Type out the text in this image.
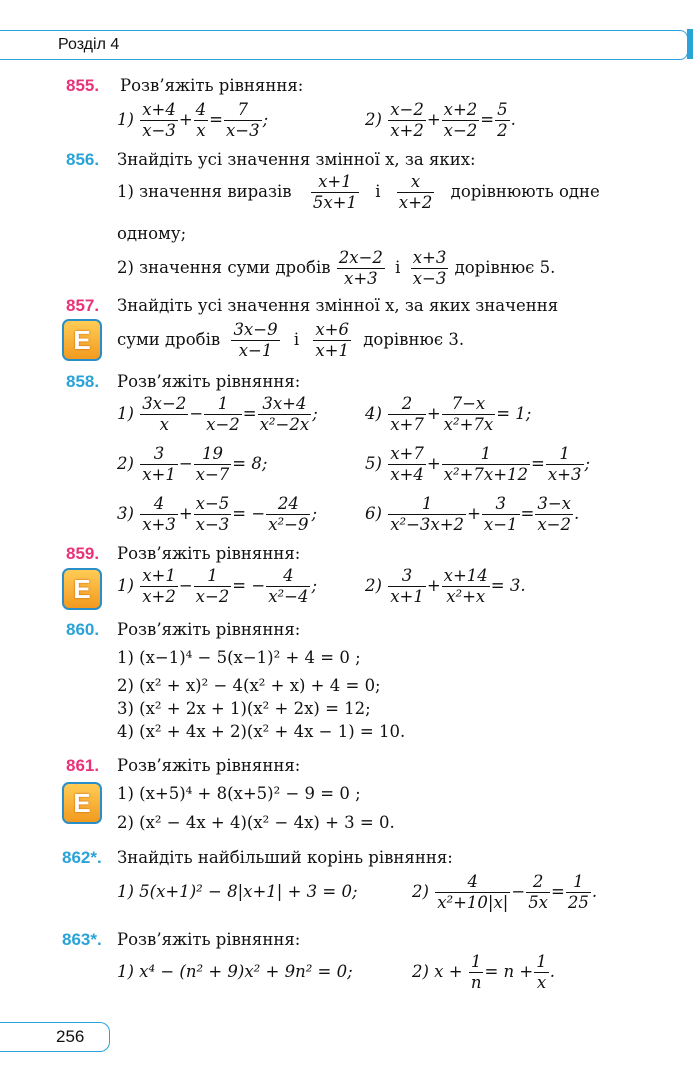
Розділ 4
855. Розв’яжіть рівняння:
$1) \frac{x+4}{x-3} + \frac{4}{x} = \frac{7}{x-3}$ ;	$2) \frac{x-2}{x+2} + \frac{x+2}{x-2} = \frac{5}{2}$ .
856. Знайдіть усі значення змінної x, за яких:
1) значення виразів $\frac{x+1}{5x+1}$ і $\frac{x}{x+2}$ дорівнюють одне
одному;
2) значення суми дробів $\frac{2x-2}{x+3}$ і $\frac{x+3}{x-3}$ дорівнює 5.
857. Знайдіть усі значення змінної x, за яких значення
Е	суми дробів $\frac{3x-9}{x-1}$ і $\frac{x+6}{x+1}$ дорівнює 3.
858. Розв’яжіть рівняння:
$1) \frac{3x-2}{x} - \frac{1}{x-2} = \frac{3x+4}{\text{x²−2x}}$ ;	$4) \frac{2}{x+7} + \frac{7-x}{\text{x²+7x}} = 1$;
$2) \frac{3}{x+1} - \frac{19}{x-7} = 8$;	$5) \frac{x+7}{x+4} + \frac{1}{\text{x²+7x+12}} = \frac{1}{x+3}$ ;
$3) \frac{4}{x+3} + \frac{x-5}{x-3}$ = − $\frac{24}{\text{x²−9}}$ ;	$6) \frac{1}{\text{x²−3x+2}} + \frac{3}{x-1} = \frac{3-x}{x-2}$ .
859. Розв’яжіть рівняння:
Е	$1) \frac{x+1}{x+2} - \frac{1}{x-2}$ = − $\frac{4}{\text{x²−4}}$ ;	$2) \frac{3}{x+1} + \frac{x+14}{\text{x²+x}} = 3$.
860. Розв’яжіть рівняння:
1) (x−1)⁴ − 5(x−1)² + 4 = 0 ;
2) (x² + x)² − 4(x² + x) + 4 = 0;
3) (x² + 2x + 1)(x² + 2x) = 12;
4) (x² + 4x + 2)(x² + 4x − 1) = 10.
861. Розв’яжіть рівняння:
Е	1) (x+5)⁴ + 8(x+5)² − 9 = 0 ;
2) (x² − 4x + 4)(x² − 4x) + 3 = 0.
862*. Знайдіть найбільший корінь рівняння:
1) 5(x+1)² − 8|x+1| + 3 = 0;	$2) \frac{4}{\text{x²+10|x|}} - \frac{2}{5x} = \frac{1}{25}$ .
863*. Розв’яжіть рівняння:
1) x⁴ − (n² + 9)x² + 9n² = 0;	2) $x + \frac{1}{n} = n + \frac{1}{x}$ .
256
